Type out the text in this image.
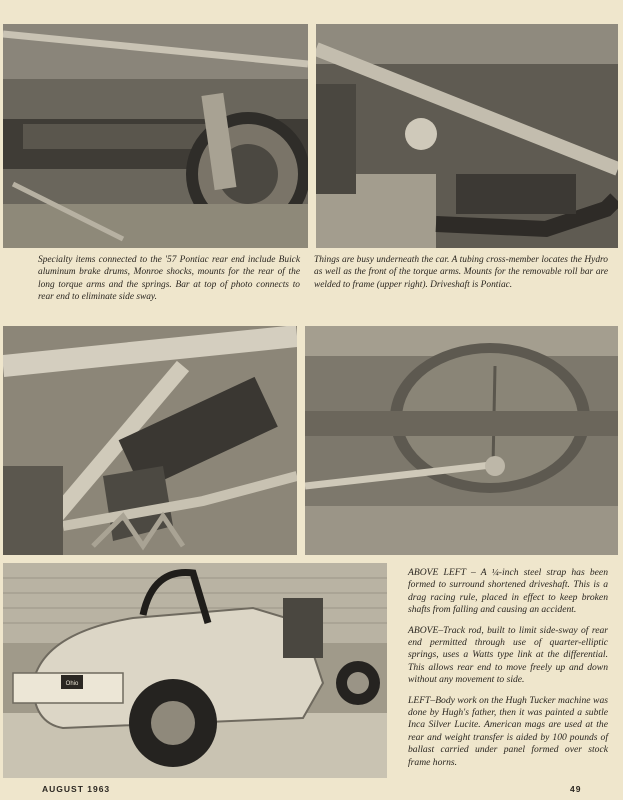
Specialty items connected to the '57 Pontiac rear end include Buick aluminum brake drums, Monroe shocks, mounts for the rear of the long torque arms and the springs. Bar at top of photo connects to rear end to eliminate side sway.

Things are busy underneath the car. A tubing cross-member locates the Hydro as well as the front of the torque arms. Mounts for the removable roll bar are welded to frame (upper right). Driveshaft is Pontiac.

Ohio

ABOVE LEFT – A ¼-inch steel strap has been formed to surround shortened driveshaft. This is a drag racing rule, placed in effect to keep broken shafts from falling and causing an accident.

ABOVE–Track rod, built to limit side-sway of rear end permitted through use of quarter-elliptic springs, uses a Watts type link at the differential. This allows rear end to move freely up and down without any movement to side.

LEFT–Body work on the Hugh Tucker machine was done by Hugh's father, then it was painted a subtle Inca Silver Lucite. American mags are used at the rear and weight transfer is aided by 100 pounds of ballast carried under panel formed over stock frame horns.

AUGUST 1963	49
